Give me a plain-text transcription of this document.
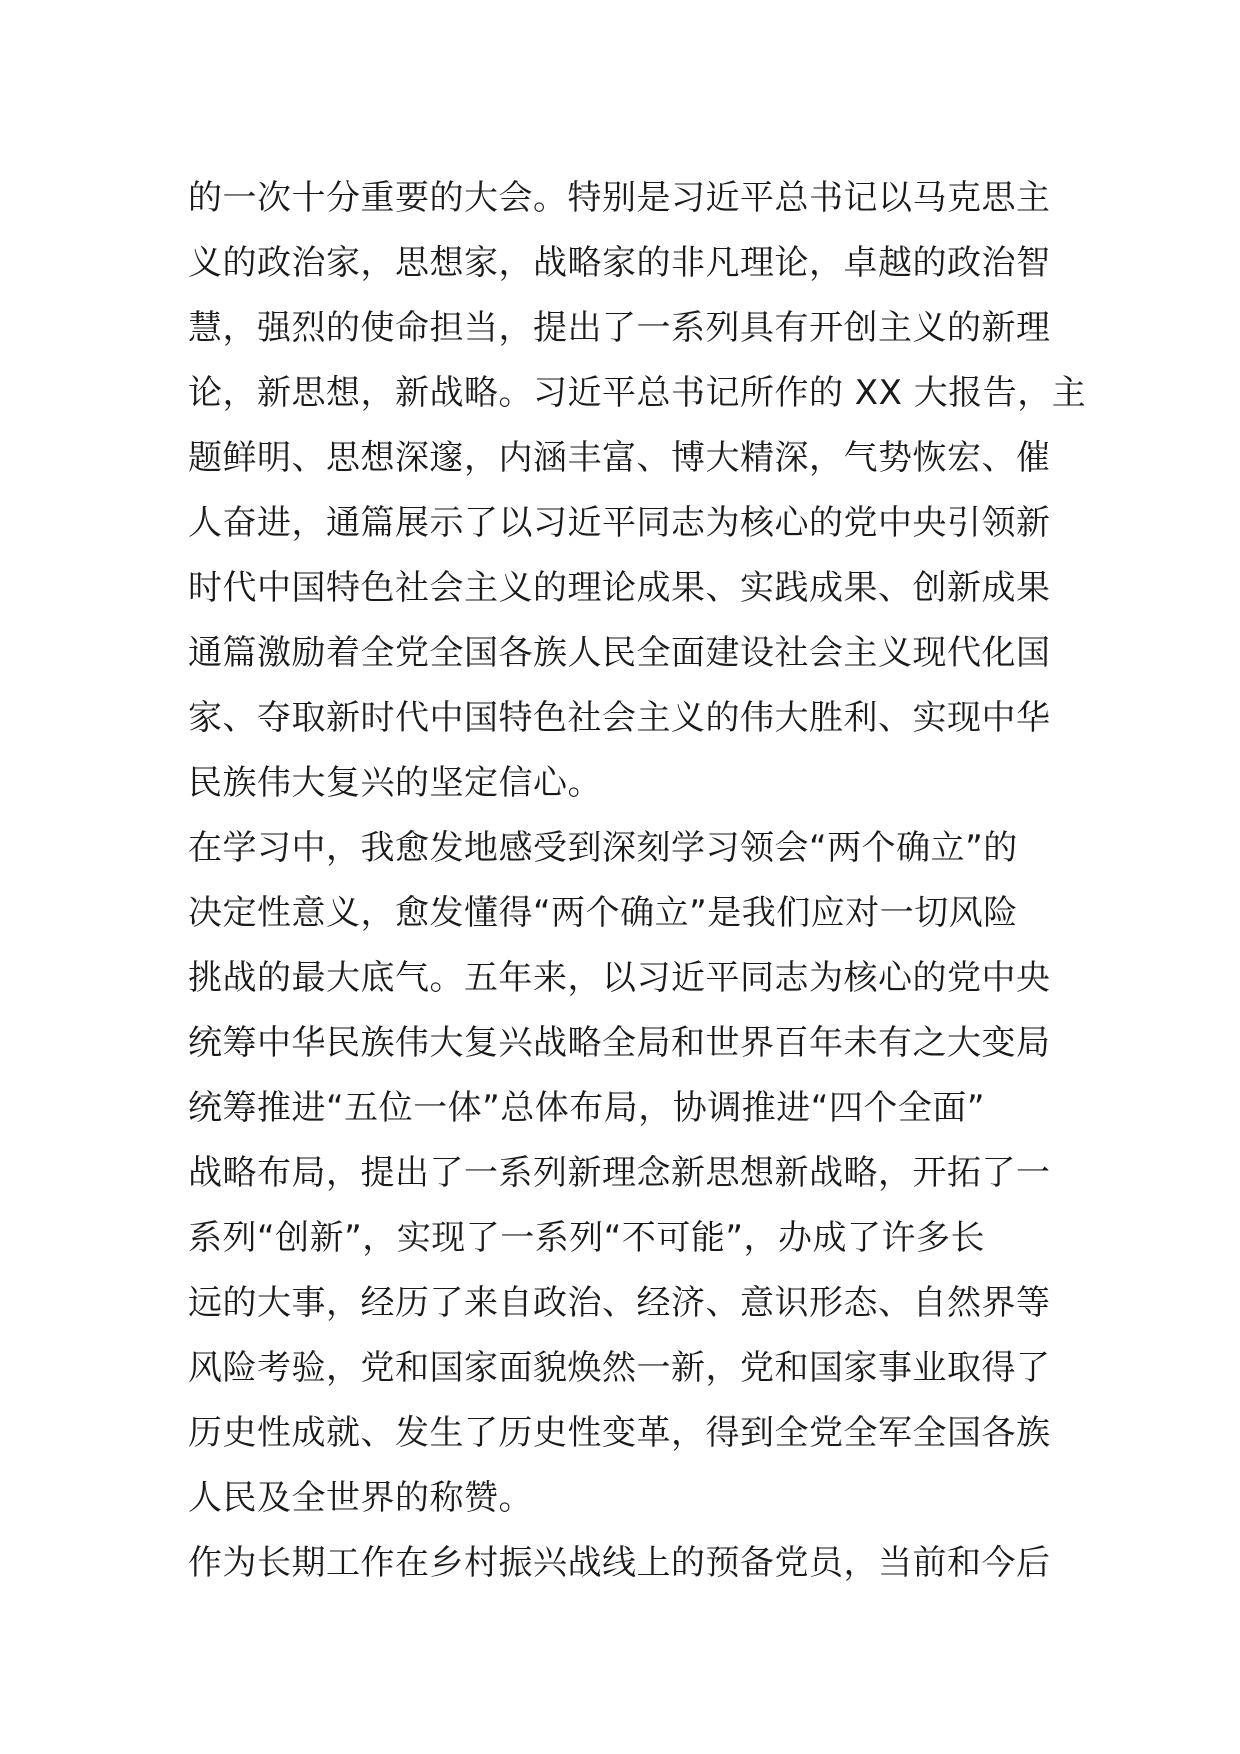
的一次十分重要的大会。特别是习近平总书记以马克思主
义的政治家，思想家，战略家的非凡理论，卓越的政治智
慧，强烈的使命担当，提出了一系列具有开创主义的新理
论，新思想，新战略。习近平总书记所作的 XX 大报告，主
题鲜明、思想深邃，内涵丰富、博大精深，气势恢宏、催
人奋进，通篇展示了以习近平同志为核心的党中央引领新
时代中国特色社会主义的理论成果、实践成果、创新成果
通篇激励着全党全国各族人民全面建设社会主义现代化国
家、夺取新时代中国特色社会主义的伟大胜利、实现中华
民族伟大复兴的坚定信心。
在学习中，我愈发地感受到深刻学习领会“两个确立”的
决定性意义，愈发懂得“两个确立”是我们应对一切风险
挑战的最大底气。五年来，以习近平同志为核心的党中央
统筹中华民族伟大复兴战略全局和世界百年未有之大变局
统筹推进“五位一体”总体布局，协调推进“四个全面”
战略布局，提出了一系列新理念新思想新战略，开拓了一
系列“创新”，实现了一系列“不可能”，办成了许多长
远的大事，经历了来自政治、经济、意识形态、自然界等
风险考验，党和国家面貌焕然一新，党和国家事业取得了
历史性成就、发生了历史性变革，得到全党全军全国各族
人民及全世界的称赞。
作为长期工作在乡村振兴战线上的预备党员，当前和今后
